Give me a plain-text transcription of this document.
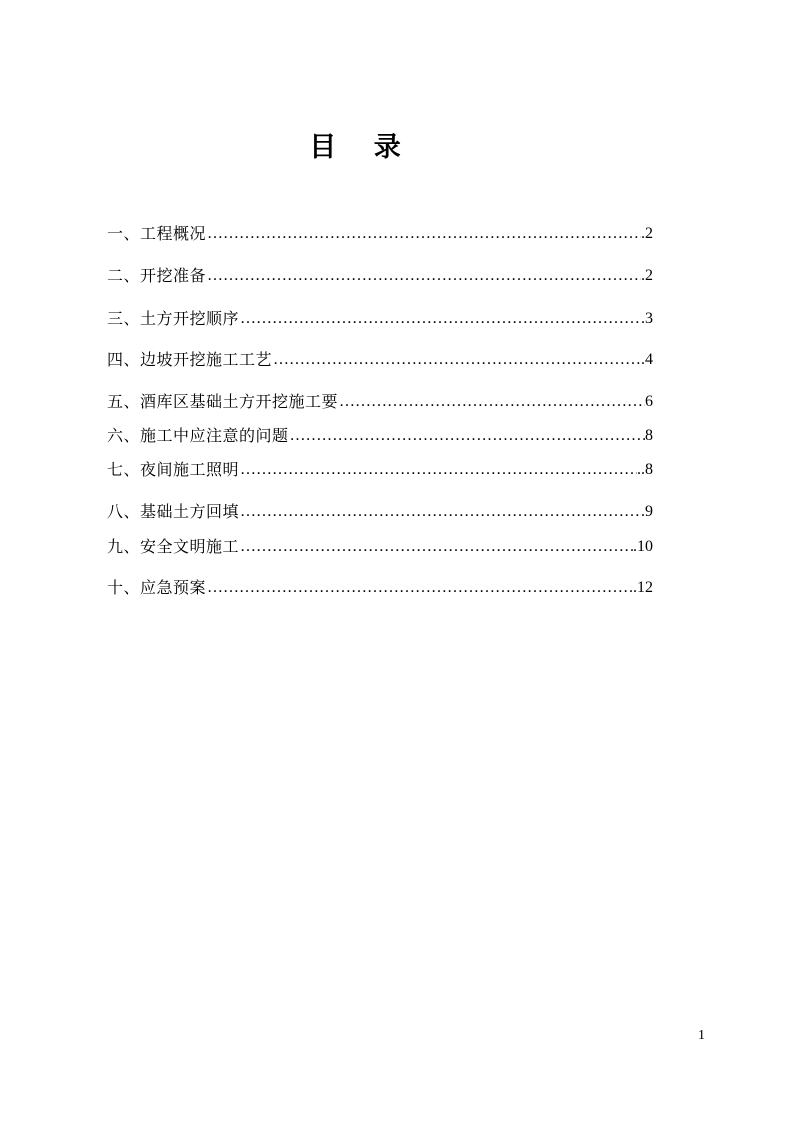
目 录
一、工程概况 …………………………………………………………………………………………………………………………………………………………………	.2
二、开挖准备 …………………………………………………………………………………………………………………………………………………………………	.2
三、土方开挖顺序 …………………………………………………………………………………………………………………………………………………………………	.3
四、边坡开挖施工工艺 …………………………………………………………………………………………………………………………………………………………………	.4
五、酒库区基础土方开挖施工要 …………………………………………………………………………………………………………………………………………………………………	6
六、施工中应注意的问题 …………………………………………………………………………………………………………………………………………………………………	8
七、夜间施工照明 …………………………………………………………………………………………………………………………………………………………………	..8
八、基础土方回填 …………………………………………………………………………………………………………………………………………………………………	.9
九、安全文明施工 …………………………………………………………………………………………………………………………………………………………………	.10
十、应急预案 …………………………………………………………………………………………………………………………………………………………………	.12
1
